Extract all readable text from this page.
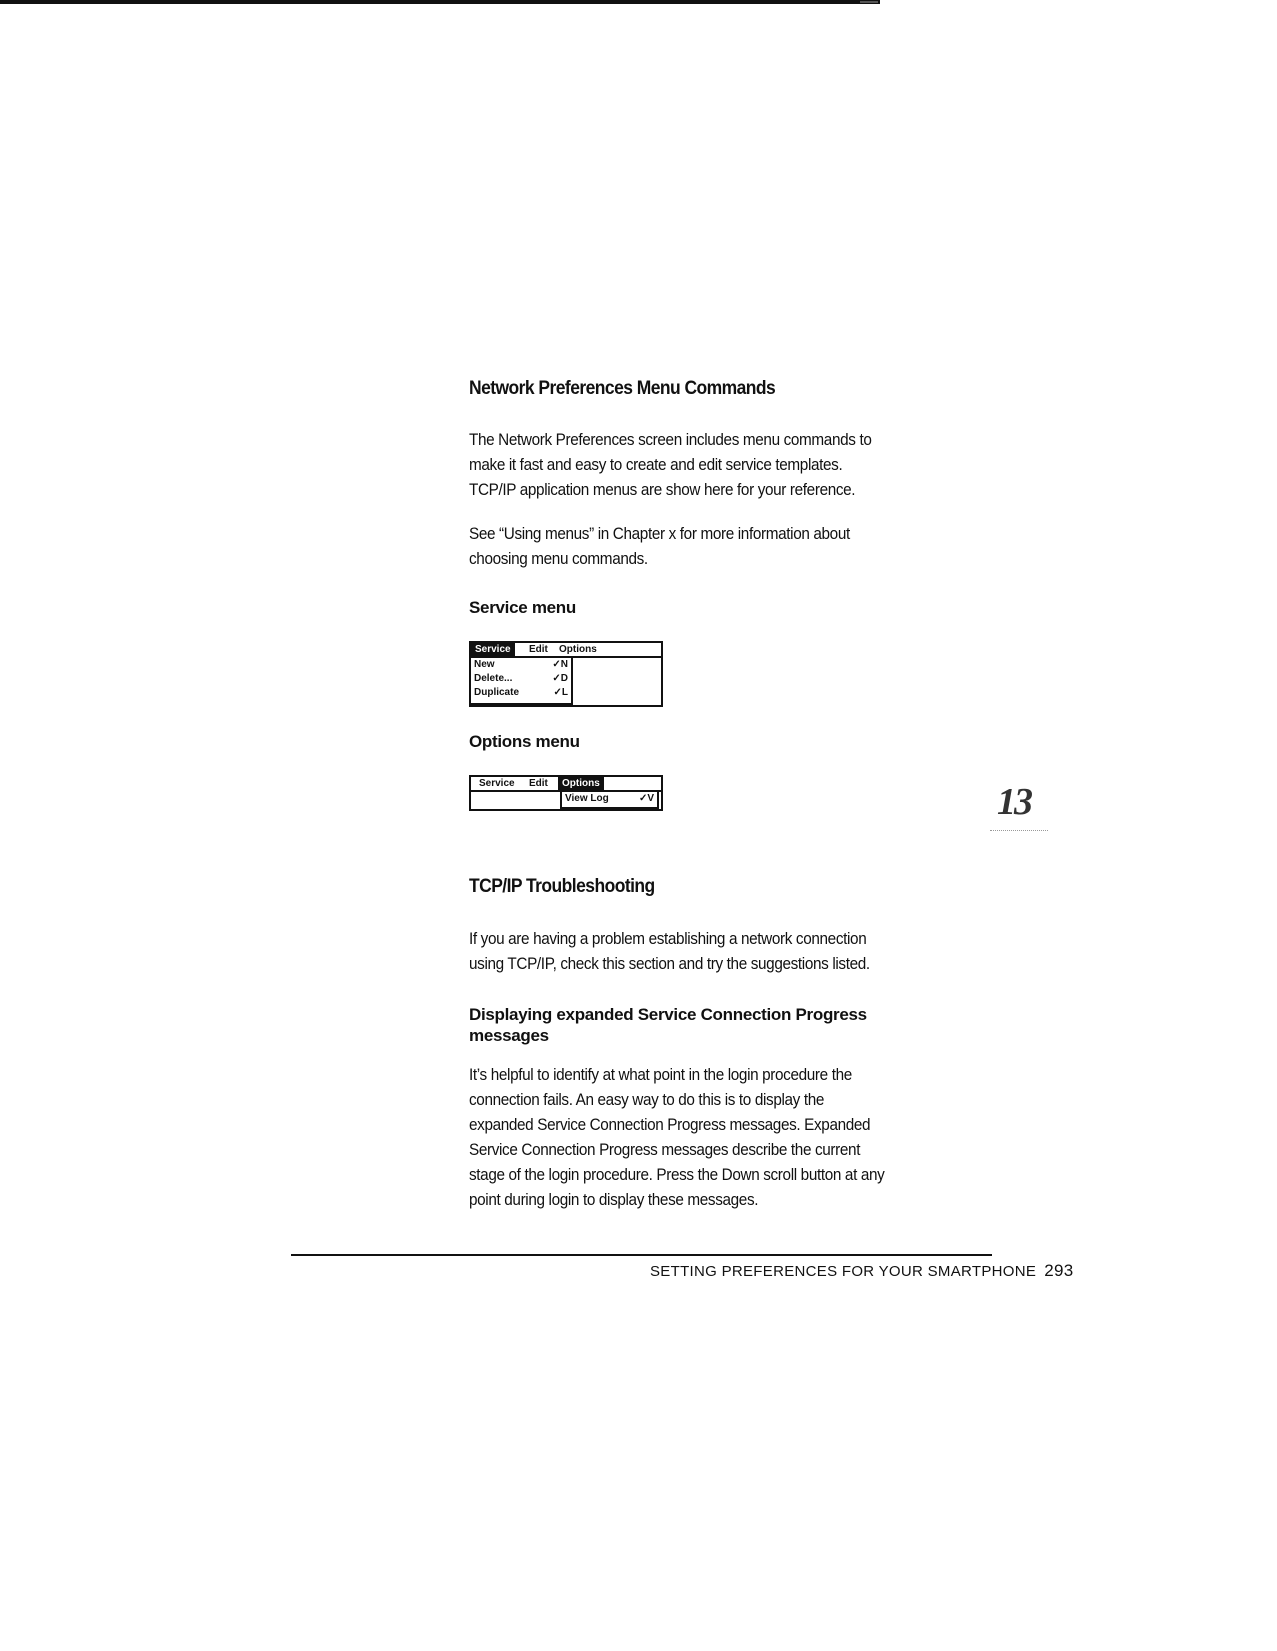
Network Preferences Menu Commands

The Network Preferences screen includes menu commands to
make it fast and easy to create and edit service templates.
TCP/IP application menus are show here for your reference.

See “Using menus” in Chapter x for more information about
choosing menu commands.

Service menu
Service	Edit	Options
New	✓N
Delete...	✓D
Duplicate	✓L
Options menu
Service	Edit	Options
View Log	✓V	13
TCP/IP Troubleshooting

If you are having a problem establishing a network connection
using TCP/IP, check this section and try the suggestions listed.

Displaying expanded Service Connection Progress
messages

It’s helpful to identify at what point in the login procedure the
connection fails. An easy way to do this is to display the
expanded Service Connection Progress messages. Expanded
Service Connection Progress messages describe the current
stage of the login procedure. Press the Down scroll button at any
point during login to display these messages.

SETTING PREFERENCES FOR YOUR SMARTPHONE 293
